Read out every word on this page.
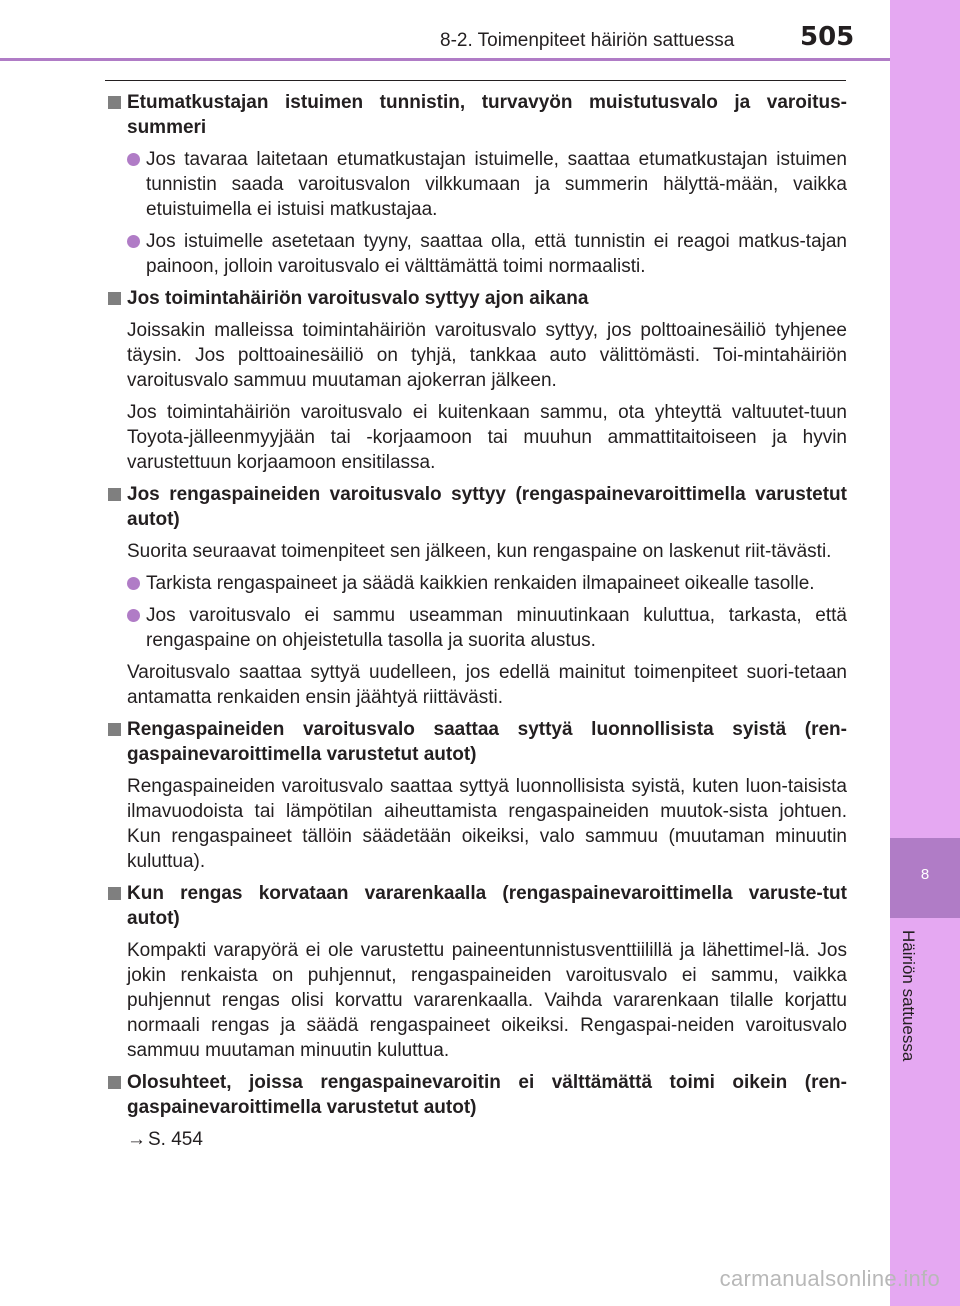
8-2. Toimenpiteet häiriön sattuessa	505
8
Häiriön sattuessa
Etumatkustajan istuimen tunnistin, turvavyön muistutusvalo ja varoitus-summeri
Jos tavaraa laitetaan etumatkustajan istuimelle, saattaa etumatkustajan istuimen tunnistin saada varoitusvalon vilkkumaan ja summerin hälyttä-mään, vaikka etuistuimella ei istuisi matkustajaa.
Jos istuimelle asetetaan tyyny, saattaa olla, että tunnistin ei reagoi matkus-tajan painoon, jolloin varoitusvalo ei välttämättä toimi normaalisti.
Jos toimintahäiriön varoitusvalo syttyy ajon aikana
Joissakin malleissa toimintahäiriön varoitusvalo syttyy, jos polttoainesäiliö tyhjenee täysin. Jos polttoainesäiliö on tyhjä, tankkaa auto välittömästi. Toi-mintahäiriön varoitusvalo sammuu muutaman ajokerran jälkeen.
Jos toimintahäiriön varoitusvalo ei kuitenkaan sammu, ota yhteyttä valtuutet-tuun Toyota-jälleenmyyjään tai -korjaamoon tai muuhun ammattitaitoiseen ja hyvin varustettuun korjaamoon ensitilassa.
Jos rengaspaineiden varoitusvalo syttyy (rengaspainevaroittimella varustetut autot)
Suorita seuraavat toimenpiteet sen jälkeen, kun rengaspaine on laskenut riit-tävästi.
Tarkista rengaspaineet ja säädä kaikkien renkaiden ilmapaineet oikealle tasolle.
Jos varoitusvalo ei sammu useamman minuutinkaan kuluttua, tarkasta, että rengaspaine on ohjeistetulla tasolla ja suorita alustus.
Varoitusvalo saattaa syttyä uudelleen, jos edellä mainitut toimenpiteet suori-tetaan antamatta renkaiden ensin jäähtyä riittävästi.
Rengaspaineiden varoitusvalo saattaa syttyä luonnollisista syistä (ren-gaspainevaroittimella varustetut autot)
Rengaspaineiden varoitusvalo saattaa syttyä luonnollisista syistä, kuten luon-taisista ilmavuodoista tai lämpötilan aiheuttamista rengaspaineiden muutok-sista johtuen. Kun rengaspaineet tällöin säädetään oikeiksi, valo sammuu (muutaman minuutin kuluttua).
Kun rengas korvataan vararenkaalla (rengaspainevaroittimella varuste-tut autot)
Kompakti varapyörä ei ole varustettu paineentunnistusventtiilillä ja lähettimel-lä. Jos jokin renkaista on puhjennut, rengaspaineiden varoitusvalo ei sammu, vaikka puhjennut rengas olisi korvattu vararenkaalla. Vaihda vararenkaan tilalle korjattu normaali rengas ja säädä rengaspaineet oikeiksi. Rengaspai-neiden varoitusvalo sammuu muutaman minuutin kuluttua.
Olosuhteet, joissa rengaspainevaroitin ei välttämättä toimi oikein (ren-gaspainevaroittimella varustetut autot)
→ S. 454
carmanualsonline.info
